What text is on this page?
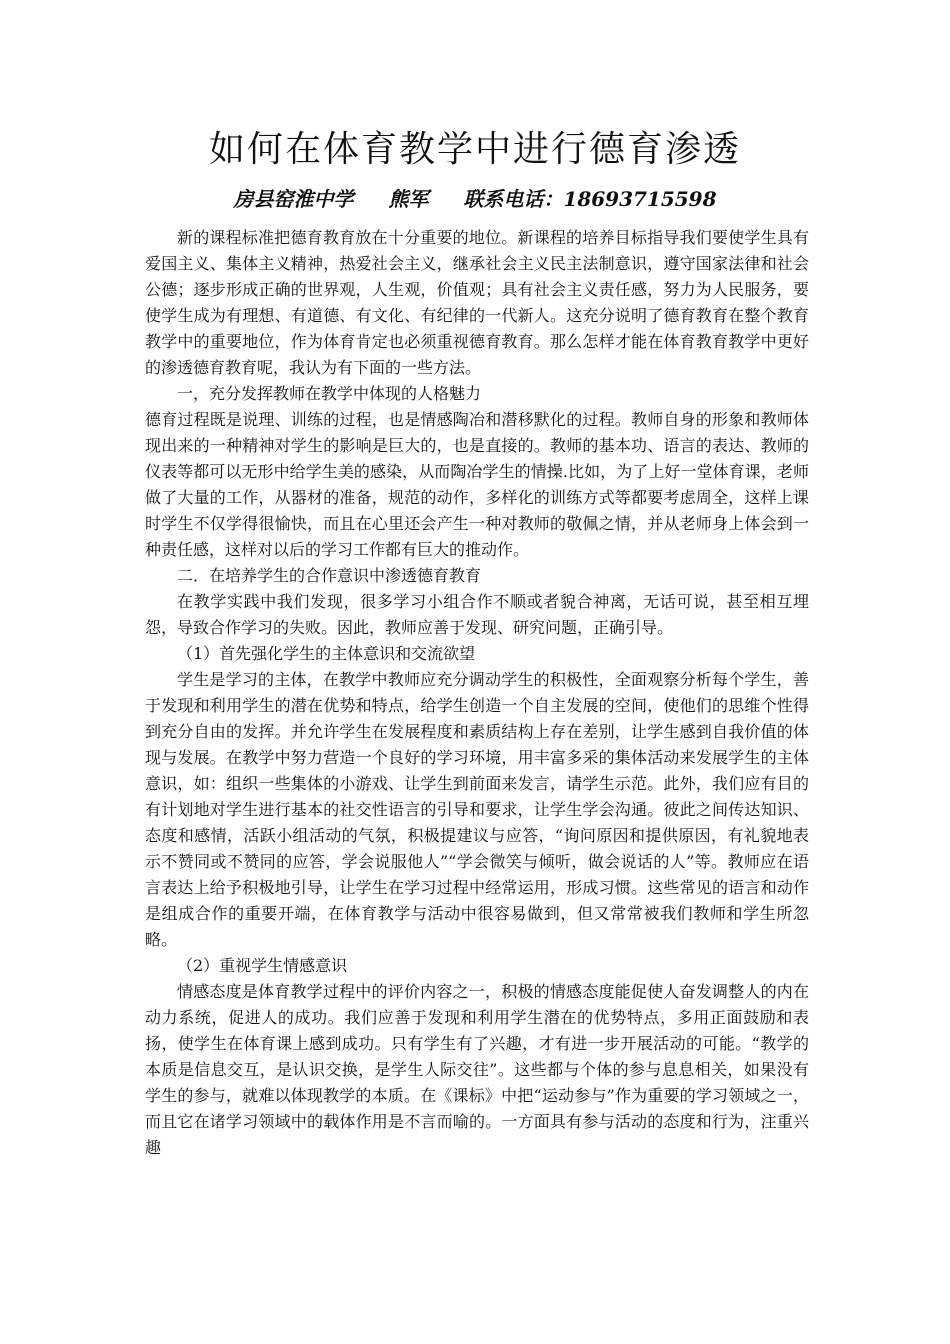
如何在体育教学中进行德育渗透
房县窑淮中学 熊军 联系电话：18693715598

新的课程标准把德育教育放在十分重要的地位。新课程的培养目标指导我们要使学生具有爱国主义、集体主义精神，热爱社会主义，继承社会主义民主法制意识，遵守国家法律和社会公德；逐步形成正确的世界观，人生观，价值观；具有社会主义责任感，努力为人民服务，要使学生成为有理想、有道德、有文化、有纪律的一代新人。这充分说明了德育教育在整个教育教学中的重要地位，作为体育肯定也必须重视德育教育。那么怎样才能在体育教育教学中更好的渗透德育教育呢，我认为有下面的一些方法。

一，充分发挥教师在教学中体现的人格魅力

德育过程既是说理、训练的过程，也是情感陶冶和潜移默化的过程。教师自身的形象和教师体现出来的一种精神对学生的影响是巨大的，也是直接的。教师的基本功、语言的表达、教师的仪表等都可以无形中给学生美的感染，从而陶冶学生的情操.比如，为了上好一堂体育课，老师做了大量的工作，从器材的准备，规范的动作，多样化的训练方式等都要考虑周全，这样上课时学生不仅学得很愉快，而且在心里还会产生一种对教师的敬佩之情，并从老师身上体会到一种责任感，这样对以后的学习工作都有巨大的推动作。

二．在培养学生的合作意识中渗透德育教育

在教学实践中我们发现，很多学习小组合作不顺或者貌合神离，无话可说，甚至相互埋怨，导致合作学习的失败。因此，教师应善于发现、研究问题，正确引导。

（1）首先强化学生的主体意识和交流欲望

学生是学习的主体，在教学中教师应充分调动学生的积极性，全面观察分析每个学生，善于发现和利用学生的潜在优势和特点，给学生创造一个自主发展的空间，使他们的思维个性得到充分自由的发挥。并允许学生在发展程度和素质结构上存在差别，让学生感到自我价值的体现与发展。在教学中努力营造一个良好的学习环境，用丰富多采的集体活动来发展学生的主体意识，如：组织一些集体的小游戏、让学生到前面来发言，请学生示范。此外，我们应有目的有计划地对学生进行基本的社交性语言的引导和要求，让学生学会沟通。彼此之间传达知识、态度和感情，活跃小组活动的气氛，积极提建议与应答，“询问原因和提供原因，有礼貌地表示不赞同或不赞同的应答，学会说服他人”“学会微笑与倾听，做会说话的人”等。教师应在语言表达上给予积极地引导，让学生在学习过程中经常运用，形成习惯。这些常见的语言和动作是组成合作的重要开端，在体育教学与活动中很容易做到，但又常常被我们教师和学生所忽略。

（2）重视学生情感意识

情感态度是体育教学过程中的评价内容之一，积极的情感态度能促使人奋发调整人的内在动力系统，促进人的成功。我们应善于发现和利用学生潜在的优势特点，多用正面鼓励和表扬，使学生在体育课上感到成功。只有学生有了兴趣，才有进一步开展活动的可能。“教学的本质是信息交互，是认识交换，是学生人际交往”。这些都与个体的参与息息相关，如果没有学生的参与，就难以体现教学的本质。在《课标》中把“运动参与”作为重要的学习领域之一，而且它在诸学习领域中的载体作用是不言而喻的。一方面具有参与活动的态度和行为，注重兴趣
